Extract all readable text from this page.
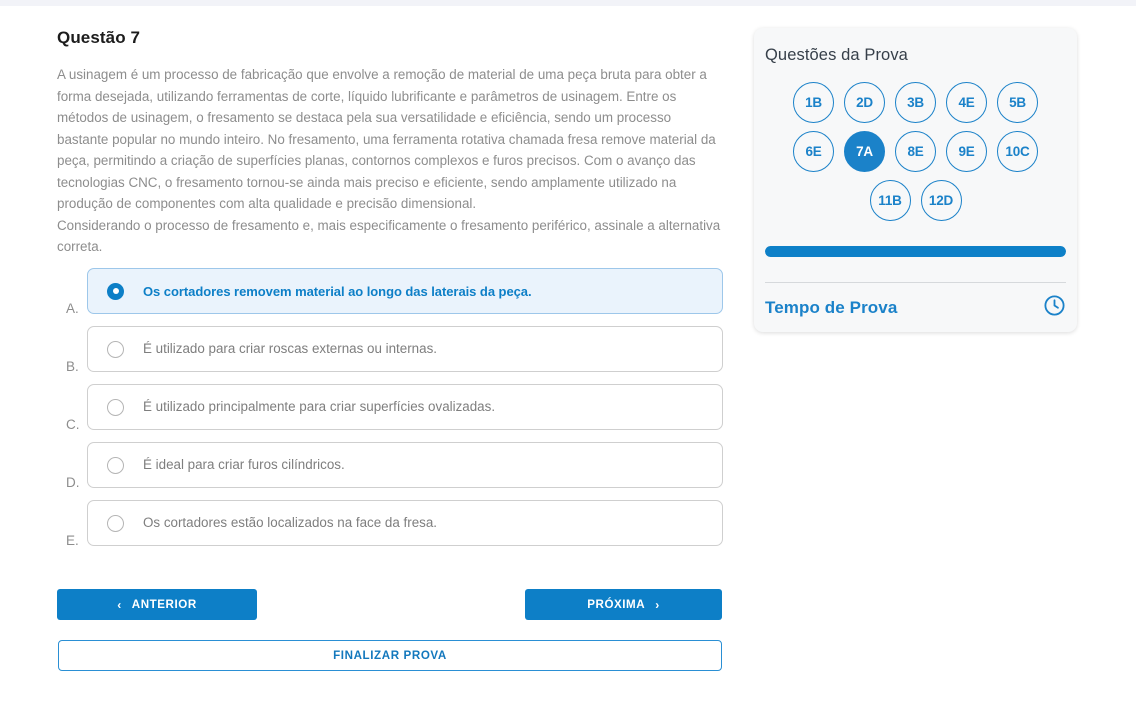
Questão 7

A usinagem é um processo de fabricação que envolve a remoção de material de uma peça bruta para obter a forma desejada, utilizando ferramentas de corte, líquido lubrificante e parâmetros de usinagem. Entre os métodos de usinagem, o fresamento se destaca pela sua versatilidade e eficiência, sendo um processo bastante popular no mundo inteiro. No fresamento, uma ferramenta rotativa chamada fresa remove material da peça, permitindo a criação de superfícies planas, contornos complexos e furos precisos. Com o avanço das tecnologias CNC, o fresamento tornou-se ainda mais preciso e eficiente, sendo amplamente utilizado na produção de componentes com alta qualidade e precisão dimensional.

Considerando o processo de fresamento e, mais especificamente o fresamento periférico, assinale a alternativa correta.

A.
Os cortadores removem material ao longo das laterais da peça.
B.
É utilizado para criar roscas externas ou internas.
C.
É utilizado principalmente para criar superfícies ovalizadas.
D.
É ideal para criar furos cilíndricos.
E.
Os cortadores estão localizados na face da fresa.
‹ ANTERIOR	PRÓXIMA ›
FINALIZAR PROVA
Questões da Prova
1B	2D	3B	4E	5B
6E	7A	8E	9E	10C
11B	12D
Tempo de Prova
